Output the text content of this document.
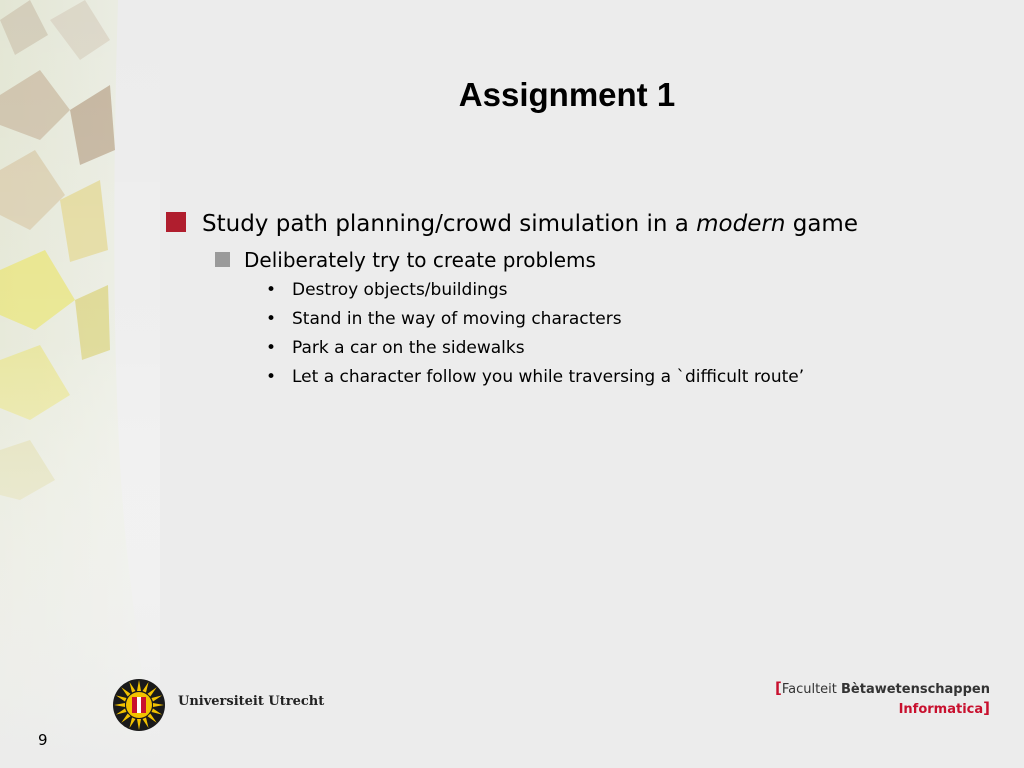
Assignment 1
Study path planning/crowd simulation in a modern game
Deliberately try to create problems
• Destroy objects/buildings
• Stand in the way of moving characters
• Park a car on the sidewalks
• Let a character follow you while traversing a `difficult route’
Universiteit Utrecht
[Faculteit Bètawetenschappen
Informatica]
9
